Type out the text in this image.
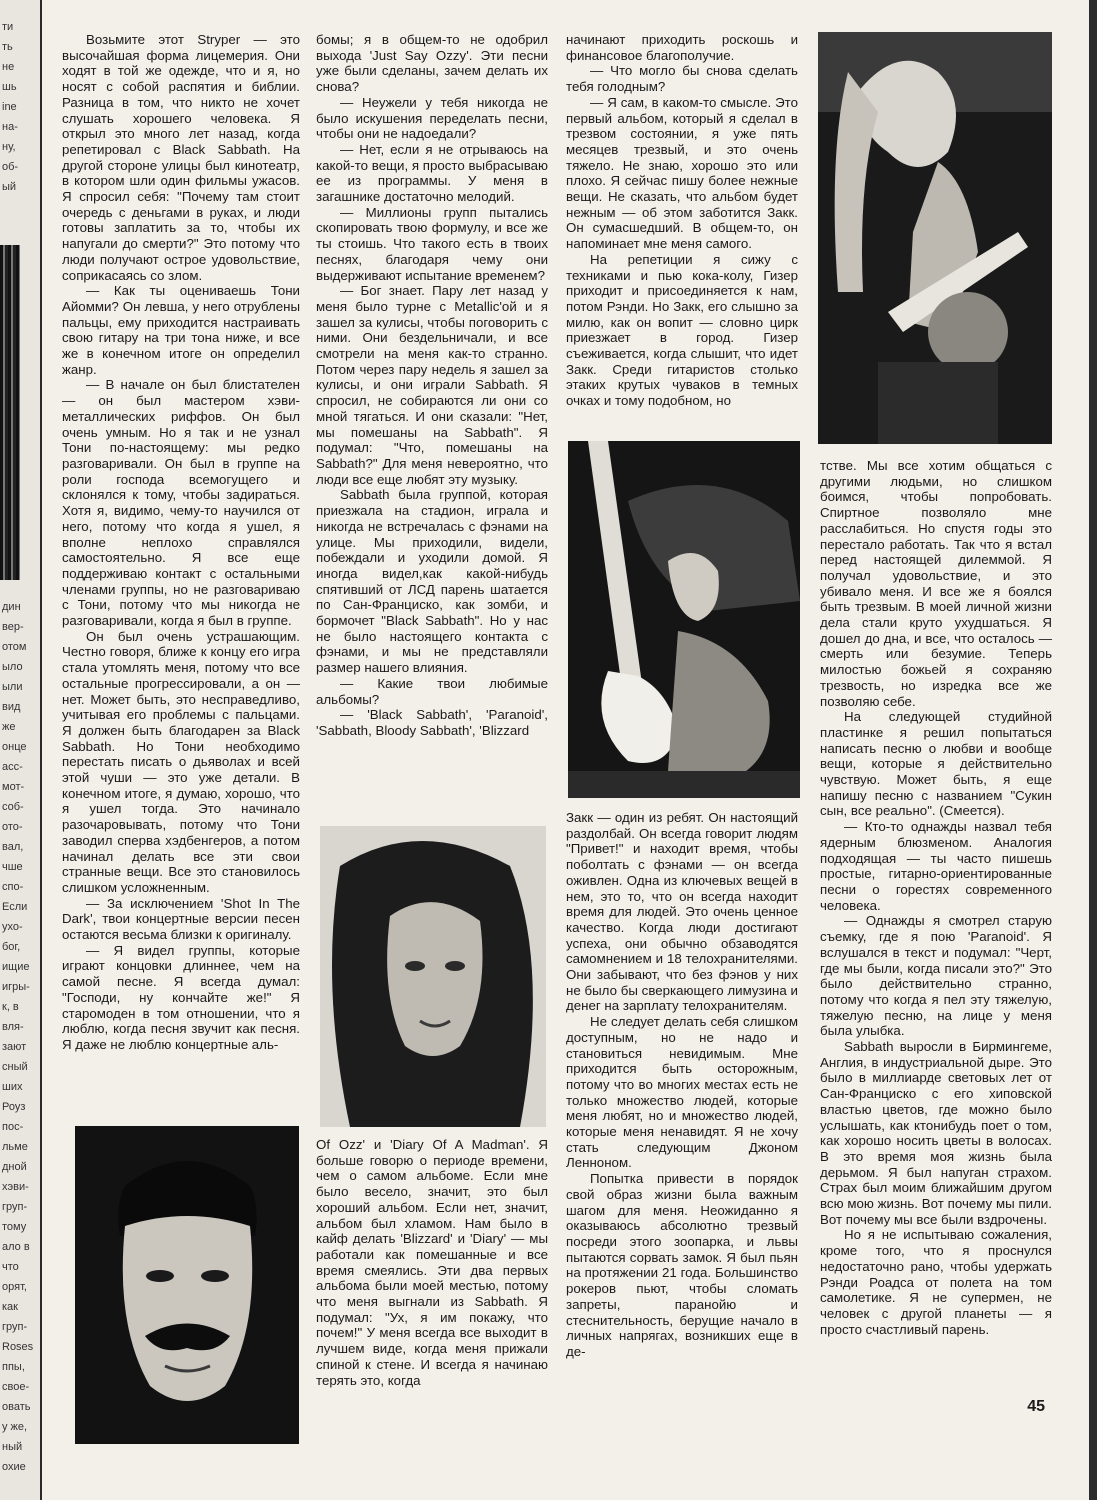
ти
ть
не
шь
ine
на-
ну,
об-
ый
дин
вер-
отом
ыло
ыли
вид
же
онце
асс-
мот-
соб-
ото-
вал,
чше
спо-
Если
ухо-
бог,
ищие
игры-
к, в
вля-
зают
сный
ших
Роуз
пос-
льме
дной
хэви-
груп-
тому
ало в
что
орят,
как
груп-
Roses
ппы,
свое-
овать
у же,
ный
охие

Возьмите этот Stryper — это высочайшая форма лицемерия. Они ходят в той же одежде, что и я, но носят с собой распятия и библии. Разница в том, что никто не хочет слушать хорошего человека. Я открыл это много лет назад, когда репетировал с Black Sabbath. На другой стороне улицы был кинотеатр, в котором шли один фильмы ужасов. Я спросил себя: "Почему там стоит очередь с деньгами в руках, и люди готовы заплатить за то, чтобы их напугали до смерти?" Это потому что люди получают острое удовольствие, соприкасаясь со злом.

— Как ты оцениваешь Тони Айомми? Он левша, у него отрублены пальцы, ему приходится настраивать свою гитару на три тона ниже, и все же в конечном итоге он определил жанр.

— В начале он был блистателен — он был мастером хэви-металлических риффов. Он был очень умным. Но я так и не узнал Тони по-настоящему: мы редко разговаривали. Он был в группе на роли господа всемогущего и склонялся к тому, чтобы задираться. Хотя я, видимо, чему-то научился от него, потому что когда я ушел, я вполне неплохо справлялся самостоятельно. Я все еще поддерживаю контакт с остальными членами группы, но не разговариваю с Тони, потому что мы никогда не разговаривали, когда я был в группе.

Он был очень устрашающим. Честно говоря, ближе к концу его игра стала утомлять меня, потому что все остальные прогрессировали, а он — нет. Может быть, это несправедливо, учитывая его проблемы с пальцами. Я должен быть благодарен за Black Sabbath. Но Тони необходимо перестать писать о дьяволах и всей этой чуши — это уже детали. В конечном итоге, я думаю, хорошо, что я ушел тогда. Это начинало разочаровывать, потому что Тони заводил сперва хэдбенгеров, а потом начинал делать все эти свои странные вещи. Все это становилось слишком усложненным.

— За исключением 'Shot In The Dark', твои концертные версии песен остаются весьма близки к оригиналу.

— Я видел группы, которые играют концовки длиннее, чем на самой песне. Я всегда думал: "Господи, ну кончайте же!" Я старомоден в том отношении, что я люблю, когда песня звучит как песня. Я даже не люблю концертные аль-

бомы; я в общем-то не одобрил выхода 'Just Say Ozzy'. Эти песни уже были сделаны, зачем делать их снова?

— Неужели у тебя никогда не было искушения переделать песни, чтобы они не надоедали?

— Нет, если я не отрываюсь на какой-то вещи, я просто выбрасываю ее из программы. У меня в загашнике достаточно мелодий.

— Миллионы групп пытались скопировать твою формулу, и все же ты стоишь. Что такого есть в твоих песнях, благодаря чему они выдерживают испытание временем?

— Бог знает. Пару лет назад у меня было турне с Metallic'ой и я зашел за кулисы, чтобы поговорить с ними. Они бездельничали, и все смотрели на меня как-то странно. Потом через пару недель я зашел за кулисы, и они играли Sabbath. Я спросил, не собираются ли они со мной тягаться. И они сказали: "Нет, мы помешаны на Sabbath". Я подумал: "Что, помешаны на Sabbath?" Для меня невероятно, что люди все еще любят эту музыку.

Sabbath была группой, которая приезжала на стадион, играла и никогда не встречалась с фэнами на улице. Мы приходили, видели, побеждали и уходили домой. Я иногда видел,как какой-нибудь спятивший от ЛСД парень шатается по Сан-Франциско, как зомби, и бормочет "Black Sabbath". Но у нас не было настоящего контакта с фэнами, и мы не представляли размер нашего влияния.

— Какие твои любимые альбомы?

— 'Black Sabbath', 'Paranoid', 'Sabbath, Bloody Sabbath', 'Blizzard

Of Ozz' и 'Diary Of A Madman'. Я больше говорю о периоде времени, чем о самом альбоме. Если мне было весело, значит, это был хороший альбом. Если нет, значит, альбом был хламом. Нам было в кайф делать 'Blizzard' и 'Diary' — мы работали как помешанные и все время смеялись. Эти два первых альбома были моей местью, потому что меня выгнали из Sabbath. Я подумал: "Ух, я им покажу, что почем!" У меня всегда все выходит в лучшем виде, когда меня прижали спиной к стене. И всегда я начинаю терять это, когда

начинают приходить роскошь и финансовое благополучие.

— Что могло бы снова сделать тебя голодным?

— Я сам, в каком-то смысле. Это первый альбом, который я сделал в трезвом состоянии, я уже пять месяцев трезвый, и это очень тяжело. Не знаю, хорошо это или плохо. Я сейчас пишу более нежные вещи. Не сказать, что альбом будет нежным — об этом заботится Закк. Он сумасшедший. В общем-то, он напоминает мне меня самого.

На репетиции я сижу с техниками и пью кока-колу, Гизер приходит и присоединяется к нам, потом Рэнди. Но Закк, его слышно за милю, как он вопит — словно цирк приезжает в город. Гизер съеживается, когда слышит, что идет Закк. Среди гитаристов столько этаких крутых чуваков в темных очках и тому подобном, но

Закк — один из ребят. Он настоящий раздолбай. Он всегда говорит людям "Привет!" и находит время, чтобы поболтать с фэнами — он всегда оживлен. Одна из ключевых вещей в нем, это то, что он всегда находит время для людей. Это очень ценное качество. Когда люди достигают успеха, они обычно обзаводятся самомнением и 18 телохранителями. Они забывают, что без фэнов у них не было бы сверкающего лимузина и денег на зарплату телохранителям.

Не следует делать себя слишком доступным, но не надо и становиться невидимым. Мне приходится быть осторожным, потому что во многих местах есть не только множество людей, которые меня любят, но и множество людей, которые меня ненавидят. Я не хочу стать следующим Джоном Ленноном.

Попытка привести в порядок свой образ жизни была важным шагом для меня. Неожиданно я оказываюсь абсолютно трезвый посреди этого зоопарка, и львы пытаются сорвать замок. Я был пьян на протяжении 21 года. Большинство рокеров пьют, чтобы сломать запреты, паранойю и стеснительность, берущие начало в личных напрягах, возникших еще в де-

тстве. Мы все хотим общаться с другими людьми, но слишком боимся, чтобы попробовать. Спиртное позволяло мне расслабиться. Но спустя годы это перестало работать. Так что я встал перед настоящей дилеммой. Я получал удовольствие, и это убивало меня. И все же я боялся быть трезвым. В моей личной жизни дела стали круто ухудшаться. Я дошел до дна, и все, что осталось — смерть или безумие. Теперь милостью божьей я сохраняю трезвость, но изредка все же позволяю себе.

На следующей студийной пластинке я решил попытаться написать песню о любви и вообще вещи, которые я действительно чувствую. Может быть, я еще напишу песню с названием "Сукин сын, все реально". (Смеется).

— Кто-то однажды назвал тебя ядерным блюзменом. Аналогия подходящая — ты часто пишешь простые, гитарно-ориентированные песни о горестях современного человека.

— Однажды я смотрел старую съемку, где я пою 'Paranoid'. Я вслушался в текст и подумал: "Черт, где мы были, когда писали это?" Это было действительно странно, потому что когда я пел эту тяжелую, тяжелую песню, на лице у меня была улыбка.

Sabbath выросли в Бирмингеме, Англия, в индустриальной дыре. Это было в миллиарде световых лет от Сан-Франциско с его хиповской властью цветов, где можно было услышать, как ктонибудь поет о том, как хорошо носить цветы в волосах. В это время моя жизнь была дерьмом. Я был напуган страхом. Страх был моим ближайшим другом всю мою жизнь. Вот почему мы пили. Вот почему мы все были вздрочены.

Но я не испытываю сожаления, кроме того, что я проснулся недостаточно рано, чтобы удержать Рэнди Роадса от полета на том самолетике. Я не супермен, не человек с другой планеты — я просто счастливый парень.

45
